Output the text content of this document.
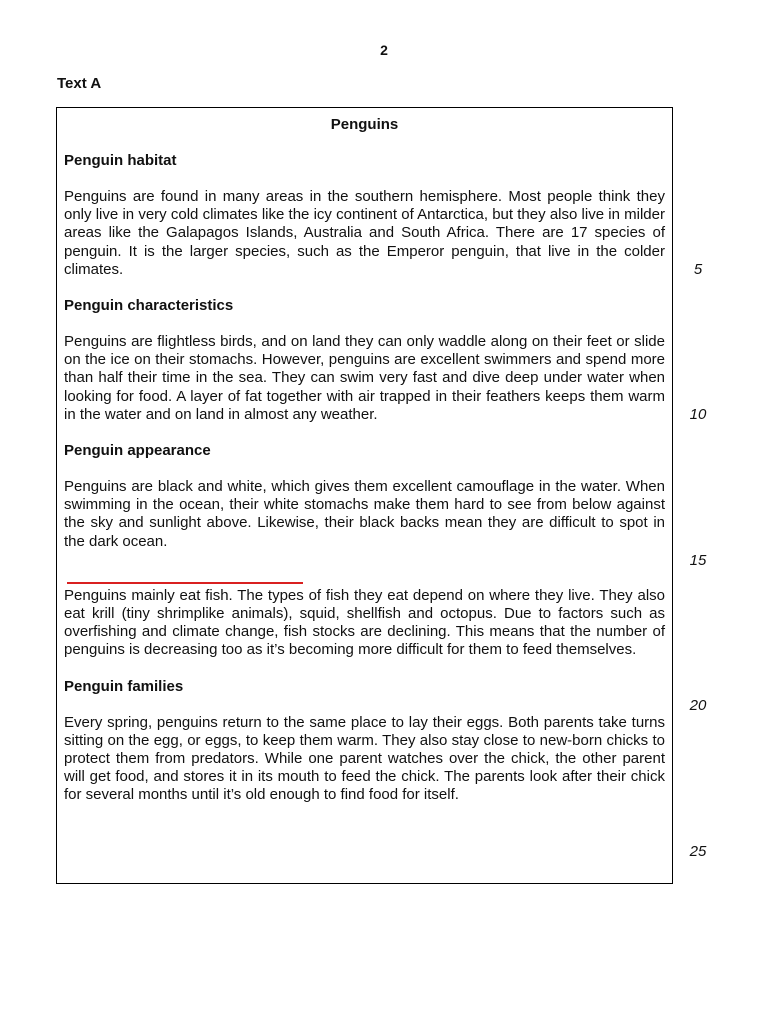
2
Text A
Penguins
Penguin habitat

Penguins are found in many areas in the southern hemisphere. Most people think they only live in very cold climates like the icy continent of Antarctica, but they also live in milder areas like the Galapagos Islands, Australia and South Africa. There are 17 species of penguin. It is the larger species, such as the Emperor penguin, that live in the colder climates.

Penguin characteristics

Penguins are flightless birds, and on land they can only waddle along on their feet or slide on the ice on their stomachs. However, penguins are excellent swimmers and spend more than half their time in the sea. They can swim very fast and dive deep under water when looking for food. A layer of fat together with air trapped in their feathers keeps them warm in the water and on land in almost any weather.

Penguin appearance

Penguins are black and white, which gives them excellent camouflage in the water. When swimming in the ocean, their white stomachs make them hard to see from below against the sky and sunlight above. Likewise, their black backs mean they are difficult to spot in the dark ocean.

Penguins mainly eat fish. The types of fish they eat depend on where they live. They also eat krill (tiny shrimplike animals), squid, shellfish and octopus. Due to factors such as overfishing and climate change, fish stocks are declining. This means that the number of penguins is decreasing too as it’s becoming more difficult for them to feed themselves.

Penguin families

Every spring, penguins return to the same place to lay their eggs. Both parents take turns sitting on the egg, or eggs, to keep them warm. They also stay close to new-born chicks to protect them from predators. While one parent watches over the chick, the other parent will get food, and stores it in its mouth to feed the chick. The parents look after their chick for several months until it’s old enough to find food for itself.

5
10
15
20
25
